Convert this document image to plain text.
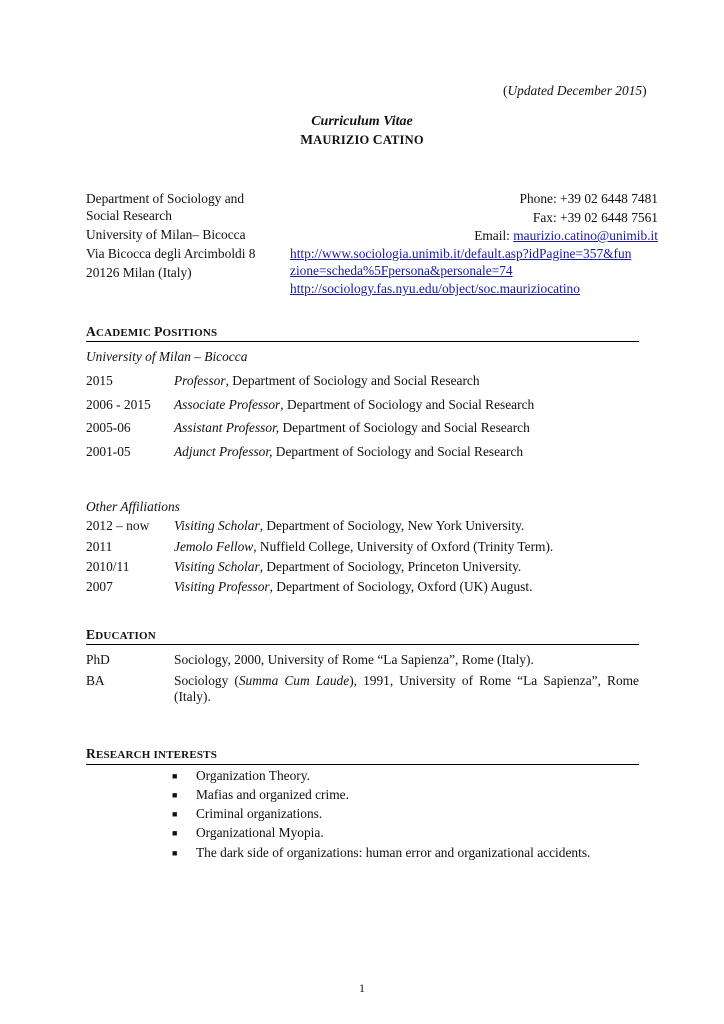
(Updated December 2015)
Curriculum Vitae
MAURIZIO CATINO
Department of Sociology and
Social Research
University of Milan– Bicocca
Via Bicocca degli Arcimboldi 8
20126 Milan (Italy)
Phone: +39 02 6448 7481
Fax: +39 02 6448 7561
Email: maurizio.catino@unimib.it
http://www.sociologia.unimib.it/default.asp?idPagine=357&fun
zione=scheda%5Fpersona&personale=74
http://sociology.fas.nyu.edu/object/soc.mauriziocatino
ACADEMIC POSITIONS
University of Milan – Bicocca
2015	Professor, Department of Sociology and Social Research
2006 - 2015	Associate Professor, Department of Sociology and Social Research
2005-06	Assistant Professor, Department of Sociology and Social Research
2001-05	Adjunct Professor, Department of Sociology and Social Research
Other Affiliations
2012 – now	Visiting Scholar, Department of Sociology, New York University.
2011	Jemolo Fellow, Nuffield College, University of Oxford (Trinity Term).
2010/11	Visiting Scholar, Department of Sociology, Princeton University.
2007	Visiting Professor, Department of Sociology, Oxford (UK) August.
EDUCATION
PhD	Sociology, 2000, University of Rome “La Sapienza”, Rome (Italy).
BA	Sociology (Summa Cum Laude), 1991, University of Rome “La Sapienza”, Rome
(Italy).
RESEARCH INTERESTS
■ Organization Theory.
■ Mafias and organized crime.
■ Criminal organizations.
■ Organizational Myopia.
■ The dark side of organizations: human error and organizational accidents.
1
